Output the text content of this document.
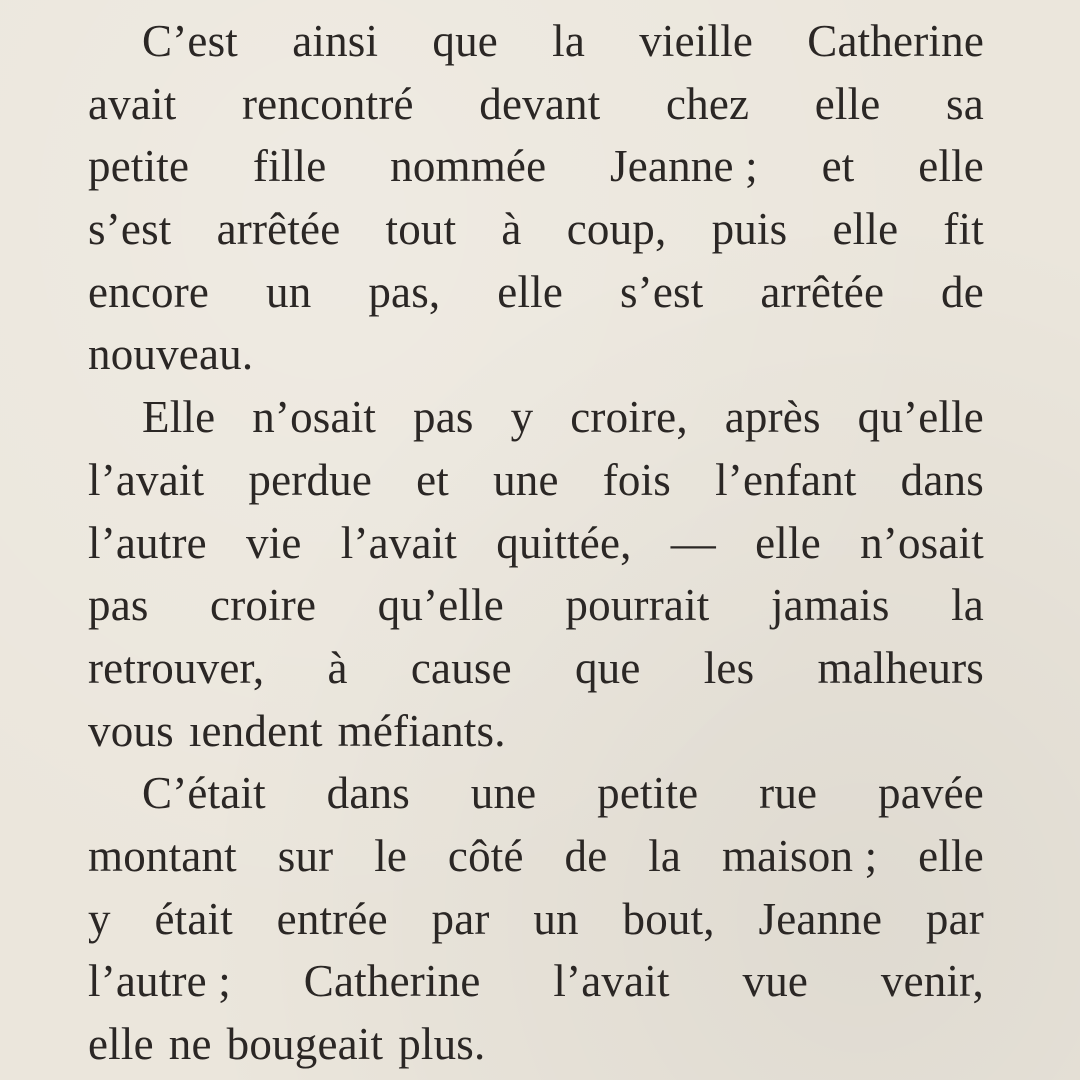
C’est ainsi que la vieille Catherine
avait rencontré devant chez elle sa
petite fille nommée Jeanne ; et elle
s’est arrêtée tout à coup, puis elle fit
encore un pas, elle s’est arrêtée de
nouveau.
Elle n’osait pas y croire, après qu’elle
l’avait perdue et une fois l’enfant dans
l’autre vie l’avait quittée, — elle n’osait
pas croire qu’elle pourrait jamais la
retrouver, à cause que les malheurs
vous ıendent méfiants.
C’était dans une petite rue pavée
montant sur le côté de la maison ; elle
y était entrée par un bout, Jeanne par
l’autre ; Catherine l’avait vue venir,
elle ne bougeait plus.
